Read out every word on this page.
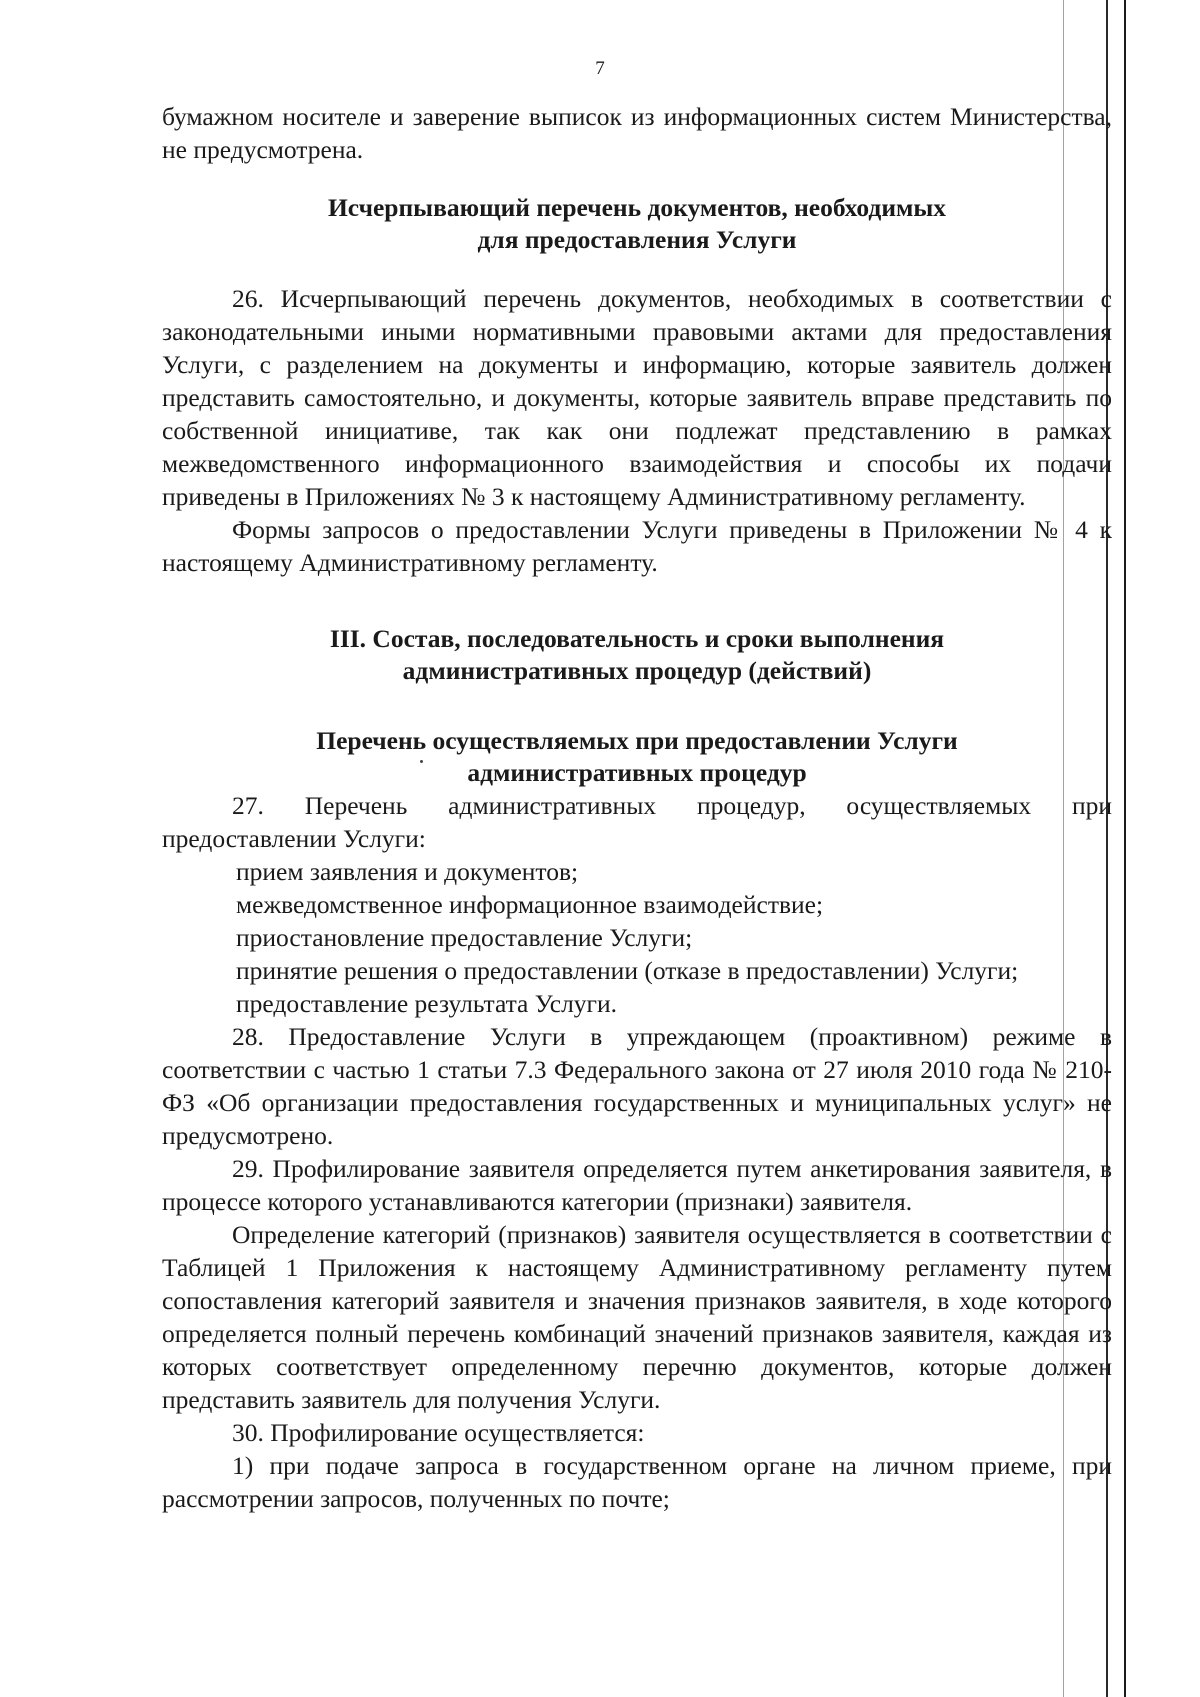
7

бумажном носителе и заверение выписок из информационных систем Министерства, не предусмотрена.

Исчерпывающий перечень документов, необходимых

для предоставления Услуги

26. Исчерпывающий перечень документов, необходимых в соответствии с законодательными иными нормативными правовыми актами для предоставления Услуги, с разделением на документы и информацию, которые заявитель должен представить самостоятельно, и документы, которые заявитель вправе представить по собственной инициативе, так как они подлежат представлению в рамках межведомственного информационного взаимодействия и способы их подачи приведены в Приложениях № 3 к настоящему Административному регламенту.

Формы запросов о предоставлении Услуги приведены в Приложении № 4 к настоящему Административному регламенту.

III. Состав, последовательность и сроки выполнения

административных процедур (действий)

Перечень осуществляемых при предоставлении Услуги

административных процедур

27. Перечень административных процедур, осуществляемых при предоставлении Услуги:

прием заявления и документов;

межведомственное информационное взаимодействие;

приостановление предоставление Услуги;

принятие решения о предоставлении (отказе в предоставлении) Услуги;

предоставление результата Услуги.

28. Предоставление Услуги в упреждающем (проактивном) режиме в соответствии с частью 1 статьи 7.3 Федерального закона от 27 июля 2010 года № 210-ФЗ «Об организации предоставления государственных и муниципальных услуг» не предусмотрено.

29. Профилирование заявителя определяется путем анкетирования заявителя, в процессе которого устанавливаются категории (признаки) заявителя.

Определение категорий (признаков) заявителя осуществляется в соответствии с Таблицей 1 Приложения к настоящему Административному регламенту путем сопоставления категорий заявителя и значения признаков заявителя, в ходе которого определяется полный перечень комбинаций значений признаков заявителя, каждая из которых соответствует определенному перечню документов, которые должен представить заявитель для получения Услуги.

30. Профилирование осуществляется:

1) при подаче запроса в государственном органе на личном приеме, при рассмотрении запросов, полученных по почте;
